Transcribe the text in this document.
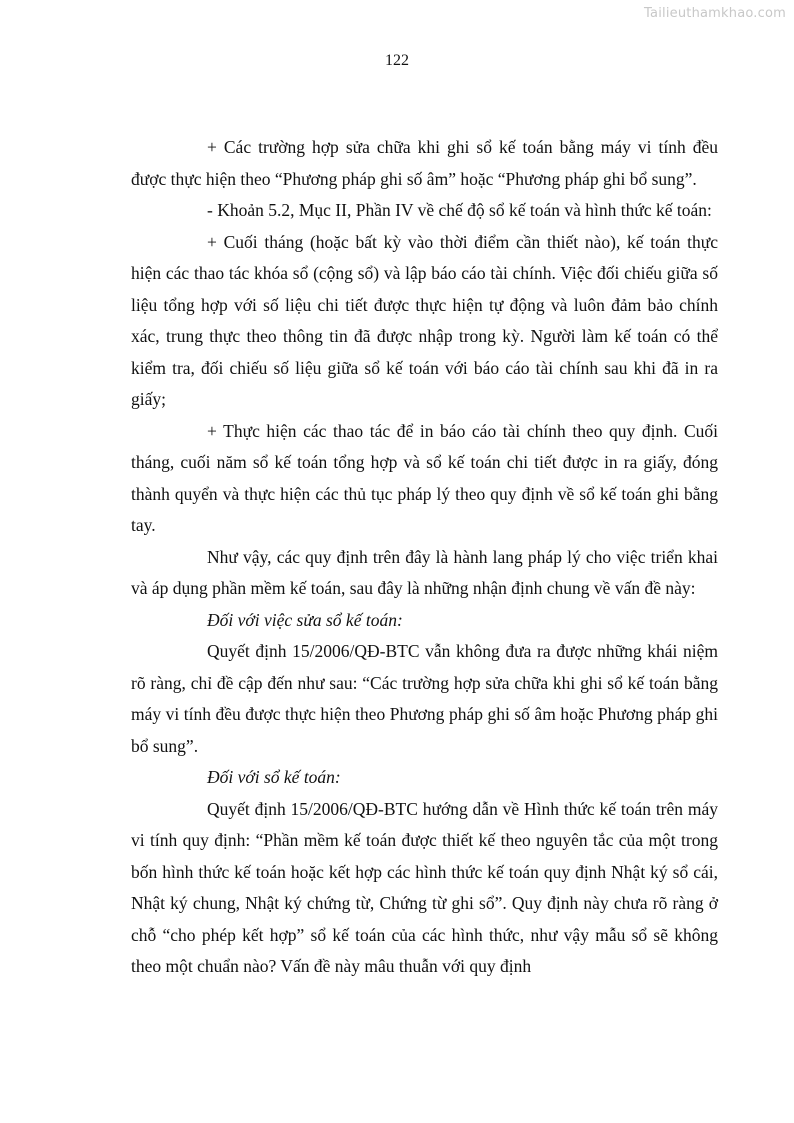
Tailieuthamkhao.com
122

+ Các trường hợp sửa chữa khi ghi sổ kế toán bằng máy vi tính đều được thực hiện theo “Phương pháp ghi số âm” hoặc “Phương pháp ghi bổ sung”.

- Khoản 5.2, Mục II, Phần IV về chế độ sổ kế toán và hình thức kế toán:

+ Cuối tháng (hoặc bất kỳ vào thời điểm cần thiết nào), kế toán thực hiện các thao tác khóa sổ (cộng sổ) và lập báo cáo tài chính. Việc đối chiếu giữa số liệu tổng hợp với số liệu chi tiết được thực hiện tự động và luôn đảm bảo chính xác, trung thực theo thông tin đã được nhập trong kỳ. Người làm kế toán có thể kiểm tra, đối chiếu số liệu giữa sổ kế toán với báo cáo tài chính sau khi đã in ra giấy;

+ Thực hiện các thao tác để in báo cáo tài chính theo quy định. Cuối tháng, cuối năm sổ kế toán tổng hợp và sổ kế toán chi tiết được in ra giấy, đóng thành quyển và thực hiện các thủ tục pháp lý theo quy định về sổ kế toán ghi bằng tay.

Như vậy, các quy định trên đây là hành lang pháp lý cho việc triển khai và áp dụng phần mềm kế toán, sau đây là những nhận định chung về vấn đề này:

Đối với việc sửa sổ kế toán:

Quyết định 15/2006/QĐ-BTC vẫn không đưa ra được những khái niệm rõ ràng, chỉ đề cập đến như sau: “Các trường hợp sửa chữa khi ghi sổ kế toán bằng máy vi tính đều được thực hiện theo Phương pháp ghi số âm hoặc Phương pháp ghi bổ sung”.

Đối với sổ kế toán:

Quyết định 15/2006/QĐ-BTC hướng dẫn về Hình thức kế toán trên máy vi tính quy định: “Phần mềm kế toán được thiết kế theo nguyên tắc của một trong bốn hình thức kế toán hoặc kết hợp các hình thức kế toán quy định Nhật ký sổ cái, Nhật ký chung, Nhật ký chứng từ, Chứng từ ghi sổ”. Quy định này chưa rõ ràng ở chỗ “cho phép kết hợp” sổ kế toán của các hình thức, như vậy mẫu sổ sẽ không theo một chuẩn nào? Vấn đề này mâu thuẫn với quy định
